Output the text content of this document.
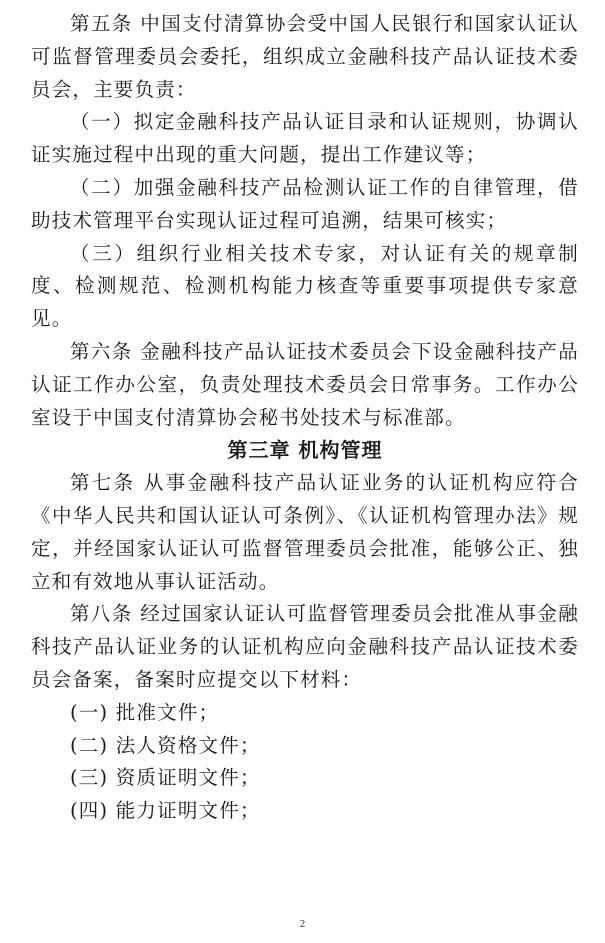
第五条 中国支付清算协会受中国人民银行和国家认证认可监督管理委员会委托，组织成立金融科技产品认证技术委员会，主要负责：

（一）拟定金融科技产品认证目录和认证规则，协调认证实施过程中出现的重大问题，提出工作建议等；

（二）加强金融科技产品检测认证工作的自律管理，借助技术管理平台实现认证过程可追溯，结果可核实；

（三）组织行业相关技术专家，对认证有关的规章制度、检测规范、检测机构能力核查等重要事项提供专家意见。

第六条 金融科技产品认证技术委员会下设金融科技产品认证工作办公室，负责处理技术委员会日常事务。工作办公室设于中国支付清算协会秘书处技术与标准部。

第三章 机构管理

第七条 从事金融科技产品认证业务的认证机构应符合《中华人民共和国认证认可条例》、《认证机构管理办法》规定，并经国家认证认可监督管理委员会批准，能够公正、独立和有效地从事认证活动。

第八条 经过国家认证认可监督管理委员会批准从事金融科技产品认证业务的认证机构应向金融科技产品认证技术委员会备案，备案时应提交以下材料：

(一) 批准文件；

(二) 法人资格文件；

(三) 资质证明文件；

(四) 能力证明文件；

2
